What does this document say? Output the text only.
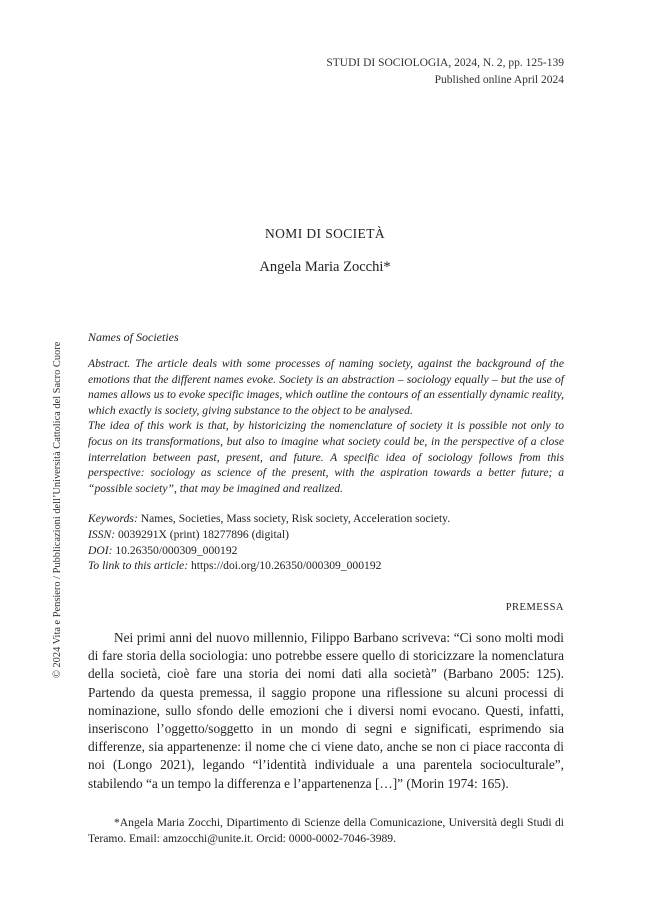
STUDI DI SOCIOLOGIA, 2024, N. 2, pp. 125-139
Published online April 2024
NOMI DI SOCIETÀ
Angela Maria Zocchi*
Names of Societies

Abstract. The article deals with some processes of naming society, against the background of the emotions that the different names evoke. Society is an abstraction – sociology equally – but the use of names allows us to evoke specific images, which outline the contours of an essentially dynamic reality, which exactly is society, giving substance to the object to be analysed.

The idea of this work is that, by historicizing the nomenclature of society it is possible not only to focus on its transformations, but also to imagine what society could be, in the perspective of a close interrelation between past, present, and future. A specific idea of sociology follows from this perspective: sociology as science of the present, with the aspiration towards a better future; a “possible society”, that may be imagined and realized.

Keywords: Names, Societies, Mass society, Risk society, Acceleration society.
ISSN: 0039291X (print) 18277896 (digital)
DOI: 10.26350/000309_000192
To link to this article: https://doi.org/10.26350/000309_000192
PREMESSA

Nei primi anni del nuovo millennio, Filippo Barbano scriveva: “Ci sono molti modi di fare storia della sociologia: uno potrebbe essere quello di storicizzare la nomenclatura della società, cioè fare una storia dei nomi dati alla società” (Barbano 2005: 125). Partendo da questa premessa, il saggio propone una riflessione su alcuni processi di nominazione, sullo sfondo delle emozioni che i diversi nomi evocano. Questi, infatti, inseriscono l’oggetto/soggetto in un mondo di segni e significati, esprimendo sia differenze, sia appartenenze: il nome che ci viene dato, anche se non ci piace racconta di noi (Longo 2021), legando “l’identità individuale a una parentela socioculturale”, stabilendo “a un tempo la differenza e l’appartenenza […]” (Morin 1974: 165).

*Angela Maria Zocchi, Dipartimento di Scienze della Comunicazione, Università degli Studi di Teramo. Email: amzocchi@unite.it. Orcid: 0000-0002-7046-3989.

© 2024 Vita e Pensiero / Pubblicazioni dell’Università Cattolica del Sacro Cuore
